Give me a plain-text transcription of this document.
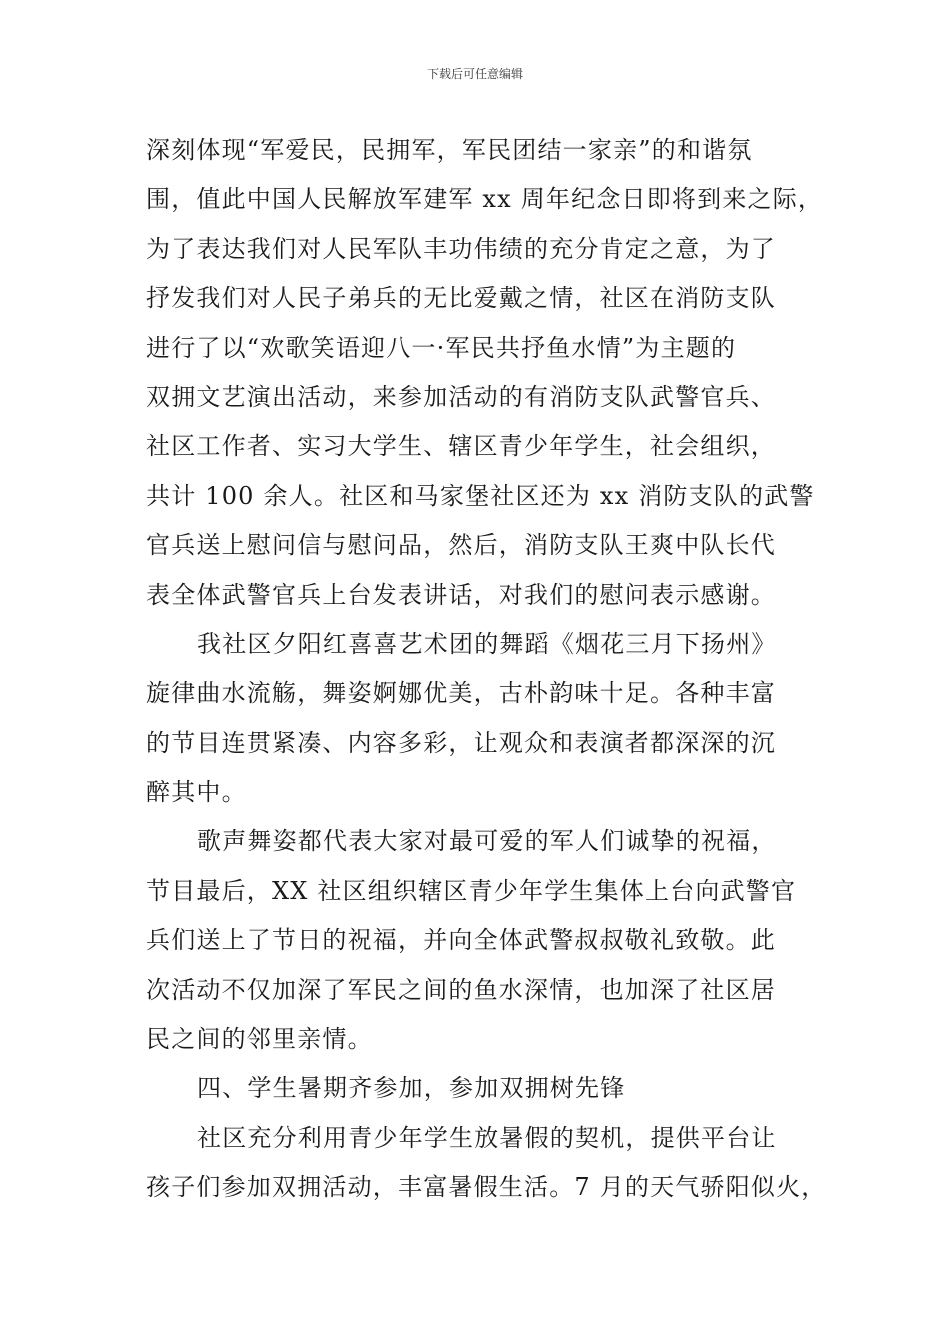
下载后可任意编辑
深刻体现“军爱民，民拥军，军民团结一家亲”的和谐氛
围，值此中国人民解放军建军 xx 周年纪念日即将到来之际，
为了表达我们对人民军队丰功伟绩的充分肯定之意，为了
抒发我们对人民子弟兵的无比爱戴之情，社区在消防支队
进行了以“欢歌笑语迎八一·军民共抒鱼水情”为主题的
双拥文艺演出活动，来参加活动的有消防支队武警官兵、
社区工作者、实习大学生、辖区青少年学生，社会组织，
共计 100 余人。社区和马家堡社区还为 xx 消防支队的武警
官兵送上慰问信与慰问品，然后，消防支队王爽中队长代
表全体武警官兵上台发表讲话，对我们的慰问表示感谢。
我社区夕阳红喜喜艺术团的舞蹈《烟花三月下扬州》
旋律曲水流觞，舞姿婀娜优美，古朴韵味十足。各种丰富
的节目连贯紧凑、内容多彩，让观众和表演者都深深的沉
醉其中。
歌声舞姿都代表大家对最可爱的军人们诚挚的祝福，
节目最后，XX 社区组织辖区青少年学生集体上台向武警官
兵们送上了节日的祝福，并向全体武警叔叔敬礼致敬。此
次活动不仅加深了军民之间的鱼水深情，也加深了社区居
民之间的邻里亲情。
四、学生暑期齐参加，参加双拥树先锋
社区充分利用青少年学生放暑假的契机，提供平台让
孩子们参加双拥活动，丰富暑假生活。7 月的天气骄阳似火，
